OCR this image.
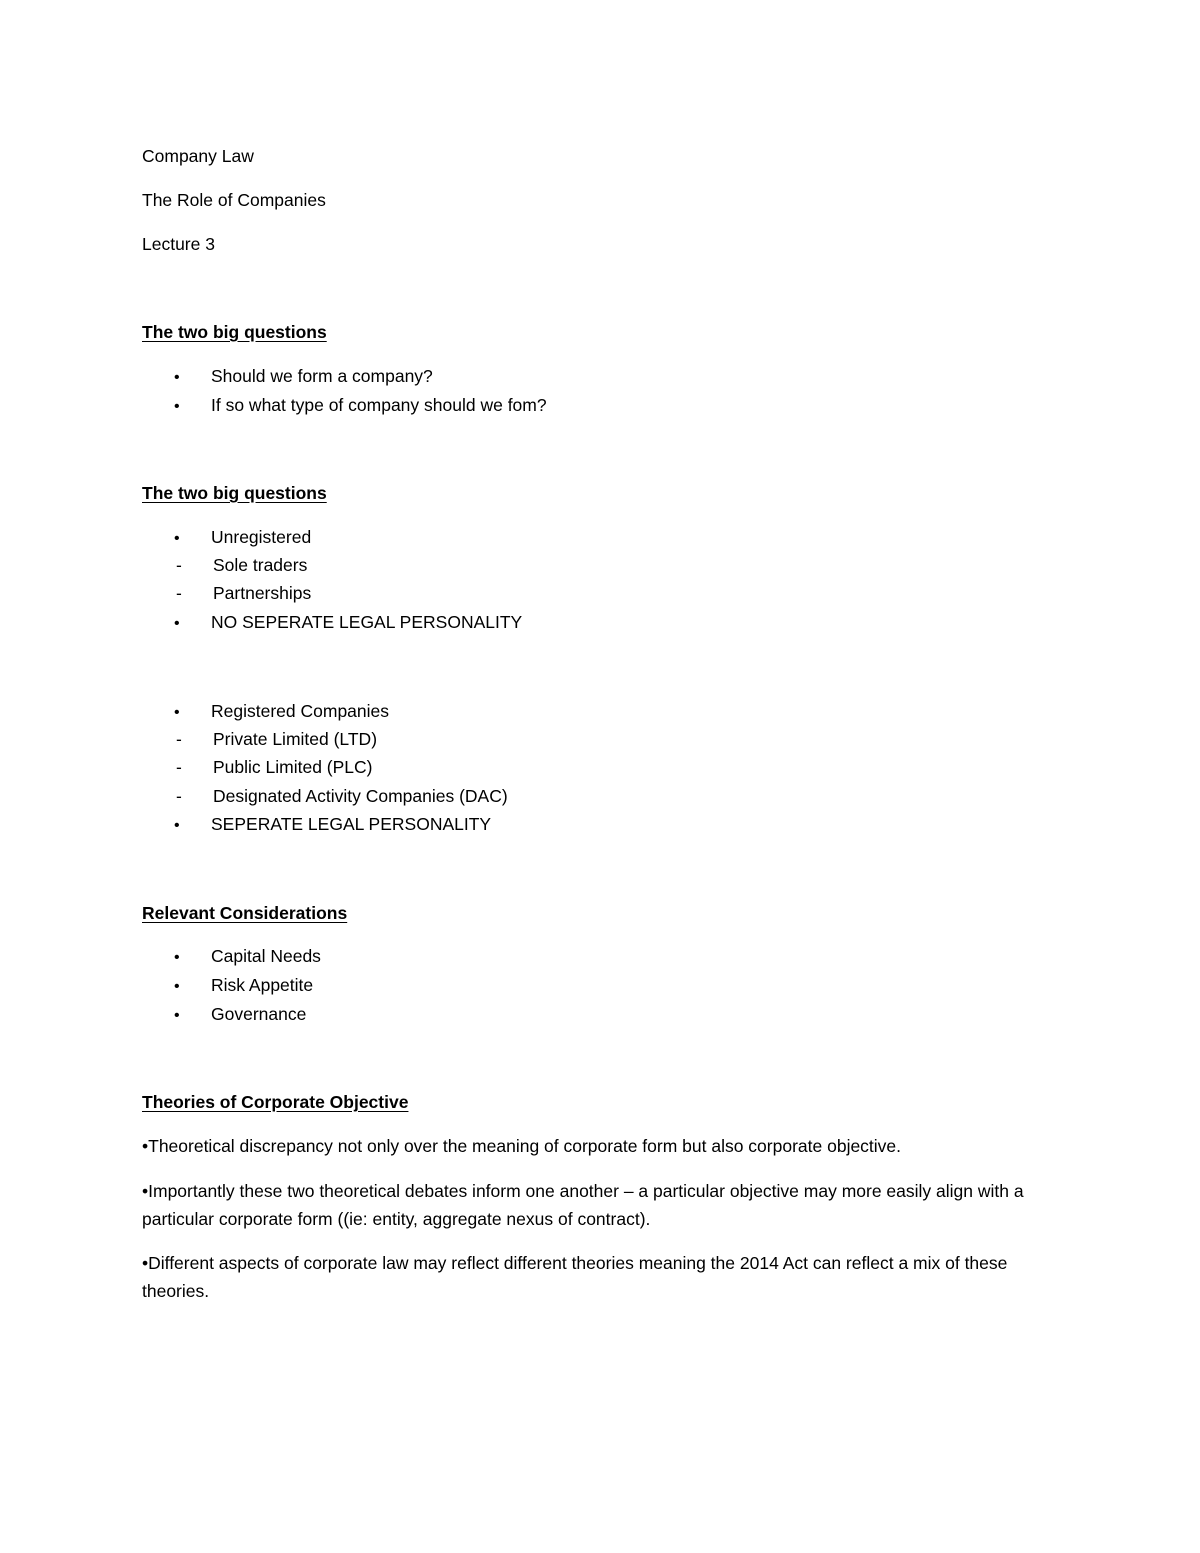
Company Law
The Role of Companies
Lecture 3
The two big questions
• Should we form a company?
• If so what type of company should we fom?
The two big questions
• Unregistered
- Sole traders
- Partnerships
• NO SEPERATE LEGAL PERSONALITY
• Registered Companies
- Private Limited (LTD)
- Public Limited (PLC)
- Designated Activity Companies (DAC)
• SEPERATE LEGAL PERSONALITY
Relevant Considerations
• Capital Needs
• Risk Appetite
• Governance
Theories of Corporate Objective
•Theoretical discrepancy not only over the meaning of corporate form but also corporate objective.
•Importantly these two theoretical debates inform one another – a particular objective may more easily align with a particular corporate form ((ie: entity, aggregate nexus of contract).
•Different aspects of corporate law may reflect different theories meaning the 2014 Act can reflect a mix of these theories.
